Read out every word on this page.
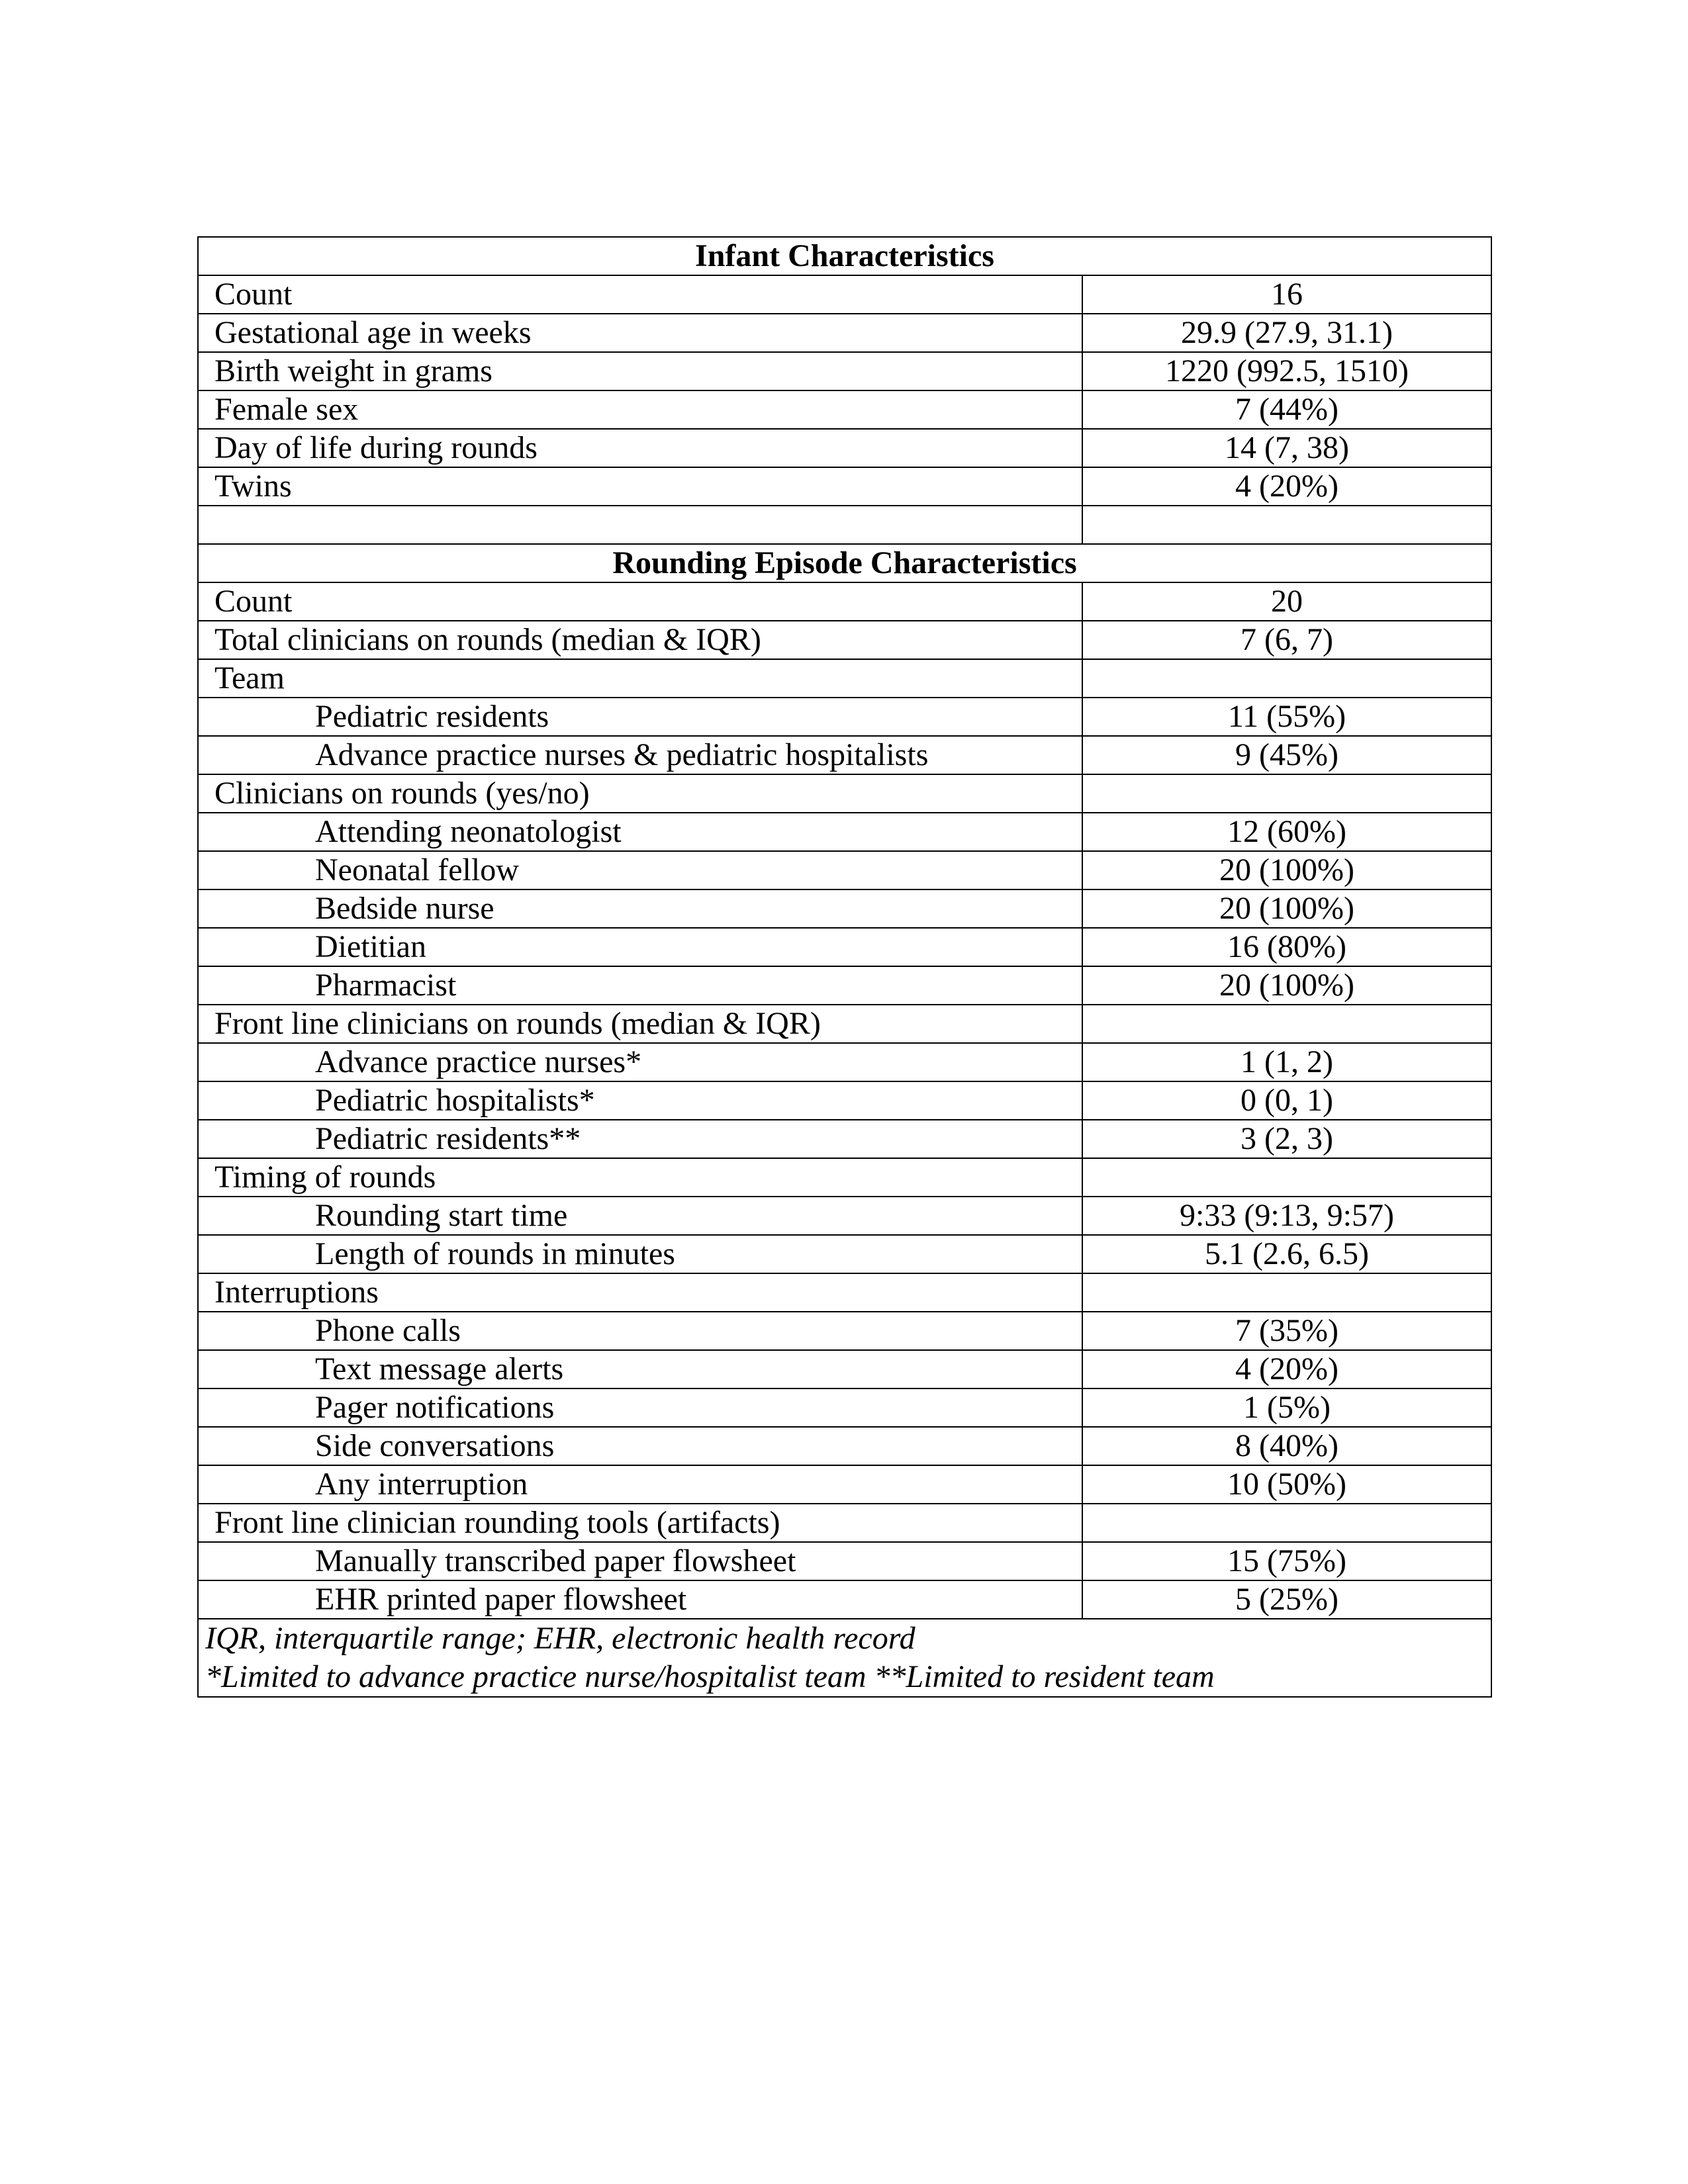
Infant Characteristics	
Count	16
Gestational age in weeks	29.9 (27.9, 31.1)
Birth weight in grams	1220 (992.5, 1510)
Female sex	7 (44%)
Day of life during rounds	14 (7, 38)
Twins	4 (20%)

Rounding Episode Characteristics	
Count	20
Total clinicians on rounds (median & IQR)	7 (6, 7)
Team	
Pediatric residents	11 (55%)
Advance practice nurses & pediatric hospitalists	9 (45%)
Clinicians on rounds (yes/no)	
Attending neonatologist	12 (60%)
Neonatal fellow	20 (100%)
Bedside nurse	20 (100%)
Dietitian	16 (80%)
Pharmacist	20 (100%)
Front line clinicians on rounds (median & IQR)	
Advance practice nurses*	1 (1, 2)
Pediatric hospitalists*	0 (0, 1)
Pediatric residents**	3 (2, 3)
Timing of rounds	
Rounding start time	9:33 (9:13, 9:57)
Length of rounds in minutes	5.1 (2.6, 6.5)
Interruptions	
Phone calls	7 (35%)
Text message alerts	4 (20%)
Pager notifications	1 (5%)
Side conversations	8 (40%)
Any interruption	10 (50%)
Front line clinician rounding tools (artifacts)	
Manually transcribed paper flowsheet	15 (75%)
EHR printed paper flowsheet	5 (25%)

IQR, interquartile range; EHR, electronic health record
*Limited to advance practice nurse/hospitalist team **Limited to resident team	
